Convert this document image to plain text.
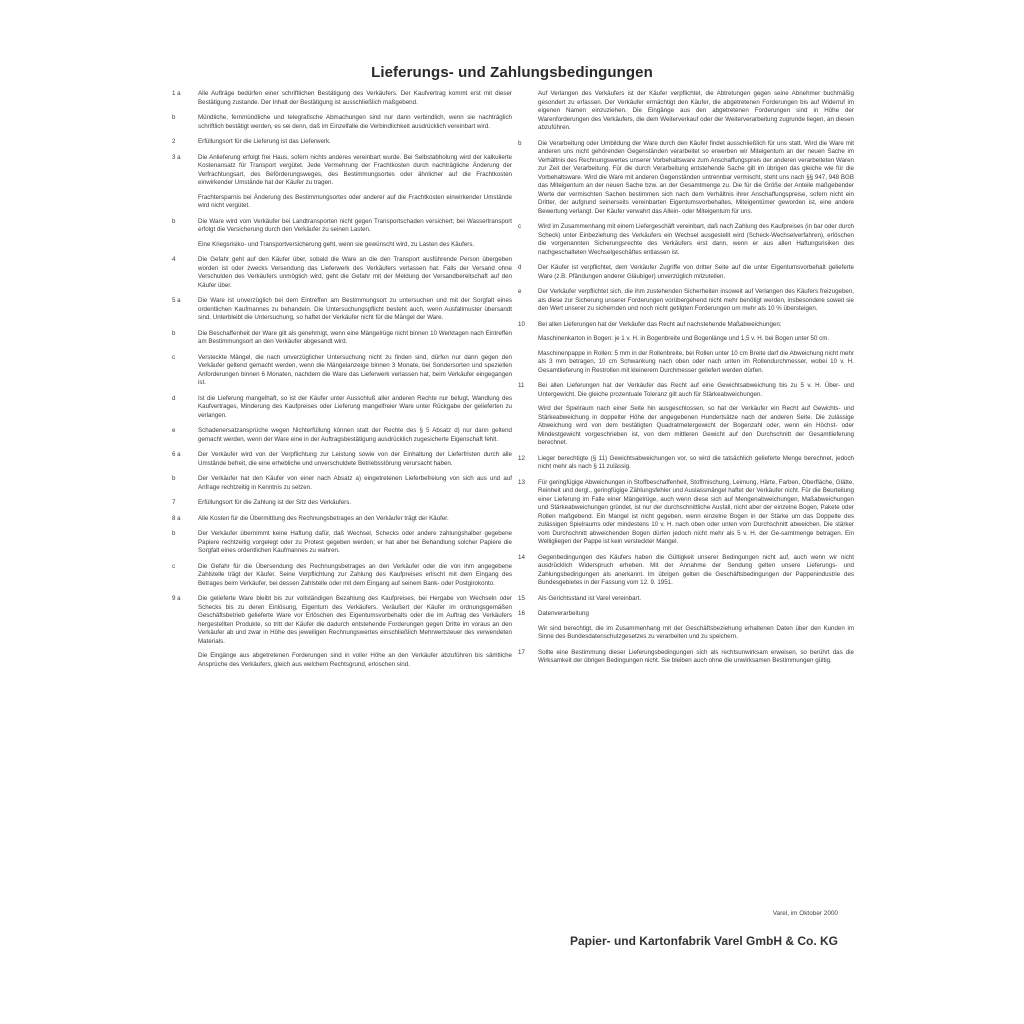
Lieferungs- und Zahlungsbedingungen
1 a	Alle Aufträge bedürfen einer schriftlichen Bestätigung des Verkäufers. Der Kaufvertrag kommt erst mit dieser Bestätigung zustande. Der Inhalt der Bestätigung ist ausschließlich maßgebend.
b	Mündliche, fernmündliche und telegrafische Abmachungen sind nur dann verbindlich, wenn sie nachträglich schriftlich bestätigt werden, es sei denn, daß im Einzelfalle die Verbindlichkeit ausdrücklich vereinbart wird.
2	Erfüllungsort für die Lieferung ist das Lieferwerk.
3 a	Die Anlieferung erfolgt frei Haus, sofern nichts anderes vereinbart wurde. Bei Selbstabholung wird der kalkulierte Kostenansatz für Transport vergütet. Jede Vermehrung der Frachtkosten durch nachträgliche Änderung der Verfrachtungsart, des Beförderungsweges, des Bestimmungsortes oder ähnlicher auf die Frachtkosten einwirkender Umstände hat der Käufer zu tragen.
Frachtersparnis bei Änderung des Bestimmungsortes oder anderer auf die Frachtkosten einwirkender Umstände wird nicht vergütet.
b	Die Ware wird vom Verkäufer bei Landtransporten nicht gegen Transportschaden versichert; bei Wassertransport erfolgt die Versicherung durch den Verkäufer zu seinen Lasten.
Eine Kriegsrisiko- und Transportversicherung geht, wenn sie gewünscht wird, zu Lasten des Käufers.
4	Die Gefahr geht auf den Käufer über, sobald die Ware an die den Transport ausführende Person übergeben worden ist oder zwecks Versendung das Lieferwerk des Verkäufers verlassen hat. Falls der Versand ohne Verschulden des Verkäufers unmöglich wird, geht die Gefahr mit der Meldung der Versandbereitschaft auf den Käufer über.
5 a	Die Ware ist unverzüglich bei dem Eintreffen am Bestimmungsort zu untersuchen und mit der Sorgfalt eines ordentlichen Kaufmannes zu behandeln. Die Untersuchungspflicht besteht auch, wenn Ausfallmuster übersandt sind. Unterbleibt die Untersuchung, so haftet der Verkäufer nicht für die Mängel der Ware.
b	Die Beschaffenheit der Ware gilt als genehmigt, wenn eine Mängelrüge nicht binnen 10 Werktagen nach Eintreffen am Bestimmungsort an den Verkäufer abgesandt wird.
c	Versteckte Mängel, die nach unverzüglicher Untersuchung nicht zu finden sind, dürfen nur dann gegen den Verkäufer geltend gemacht werden, wenn die Mängelanzeige binnen 3 Monate, bei Sondersorten und speziellen Anforderungen binnen 6 Monaten, nachdem die Ware das Lieferwerk verlassen hat, beim Verkäufer eingegangen ist.
d	Ist die Lieferung mangelhaft, so ist der Käufer unter Ausschluß aller anderen Rechte nur befugt, Wandlung des Kaufvertrages, Minderung des Kaufpreises oder Lieferung mangelfreier Ware unter Rückgabe der gelieferten zu verlangen.
e	Schadenersatzansprüche wegen Nichterfüllung können statt der Rechte des § 5 Absatz d) nur dann geltend gemacht werden, wenn der Ware eine in der Auftragsbestätigung ausdrücklich zugesicherte Eigenschaft fehlt.
6 a	Der Verkäufer wird von der Verpflichtung zur Leistung sowie von der Einhaltung der Lieferfristen durch alle Umstände befreit, die eine erhebliche und unverschuldete Betriebsstörung verursacht haben.
b	Der Verkäufer hat den Käufer von einer nach Absatz a) eingetretenen Lieferbefreiung von sich aus und auf Anfrage rechtzeitig in Kenntnis zu setzen.
7	Erfüllungsort für die Zahlung ist der Sitz des Verkäufers.
8 a	Alle Kosten für die Übermittlung des Rechnungsbetrages an den Verkäufer trägt der Käufer.
b	Der Verkäufer übernimmt keine Haftung dafür, daß Wechsel, Schecks oder andere zahlungshalber gegebene Papiere rechtzeitig vorgelegt oder zu Protest gegeben werden; er hat aber bei Behandlung solcher Papiere die Sorgfalt eines ordentlichen Kaufmannes zu wahren.
c	Die Gefahr für die Übersendung des Rechnungsbetrages an den Verkäufer oder die von ihm angegebene Zahlstelle trägt der Käufer. Seine Verpflichtung zur Zahlung des Kaufpreises erlischt mit dem Eingang des Betrages beim Verkäufer, bei dessen Zahlstelle oder mit dem Eingang auf seinem Bank- oder Postgirokonto.
9 a	Die gelieferte Ware bleibt bis zur vollständigen Bezahlung des Kaufpreises, bei Hergabe von Wechseln oder Schecks bis zu deren Einlösung, Eigentum des Verkäufers. Veräußert der Käufer im ordnungsgemäßen Geschäftsbetrieb gelieferte Ware vor Erlöschen des Eigentumsvorbehalts oder die im Auftrag des Verkäufers hergestellten Produkte, so tritt der Käufer die dadurch entstehende Forderungen gegen Dritte im voraus an den Verkäufer ab und zwar in Höhe des jeweiligen Rechnungswertes einschließlich Mehrwertsteuer des verwendeten Materials.
Die Eingänge aus abgetretenen Forderungen sind in voller Höhe an den Verkäufer abzuführen bis sämtliche Ansprüche des Verkäufers, gleich aus welchem Rechtsgrund, erloschen sind.
Auf Verlangen des Verkäufers ist der Käufer verpflichtet, die Abtretungen gegen seine Abnehmer buchmäßig gesondert zu erfassen. Der Verkäufer ermächtigt den Käufer, die abgetretenen Forderungen bis auf Widerruf im eigenen Namen einzuziehen. Die Eingänge aus den abgetretenen Forderungen sind in Höhe der Warenforderungen des Verkäufers, die dem Weiterverkauf oder der Weiterverarbeitung zugrunde liegen, an diesen abzuführen.
b	Die Verarbeitung oder Umbildung der Ware durch den Käufer findet ausschließlich für uns statt. Wird die Ware mit anderen uns nicht gehörenden Gegenständen verarbeitet so erwerben wir Miteigentum an der neuen Sache im Verhältnis des Rechnungswertes unserer Vorbehaltsware zum Anschaffungspreis der anderen verarbeiteten Waren zur Zeit der Verarbeitung. Für die durch Verarbeitung entstehende Sache gilt im übrigen das gleiche wie für die Vorbehaltsware. Wird die Ware mit anderen Gegenständen untrennbar vermischt, steht uns nach §§ 947, 948 BGB das Miteigentum an der neuen Sache bzw. an der Gesamtmenge zu. Die für die Größe der Anteile maßgebender Werte der vermischten Sachen bestimmen sich nach dem Verhältnis ihrer Anschaffungspreise, sofern nicht ein Dritter, der aufgrund seinerseits vereinbarten Eigentumsvorbehaltes, Miteigentümer geworden ist, eine andere Bewertung verlangt. Der Käufer verwahrt das Allein- oder Miteigentum für uns.
c	Wird im Zusammenhang mit einem Liefergeschäft vereinbart, daß nach Zahlung des Kaufpreises (in bar oder durch Scheck) unter Einbeziehung des Verkäufers ein Wechsel ausgestellt wird (Scheck-Wechselverfahren), erlöschen die vorgenannten Sicherungsrechte des Verkäufers erst dann, wenn er aus allen Haftungsrisiken des nachgeschalteten Wechselgeschäftes entlassen ist.
d	Der Käufer ist verpflichtet, dem Verkäufer Zugriffe von dritter Seite auf die unter Eigentumsvorbehalt gelieferte Ware (z.B. Pfändungen anderer Gläubiger) unverzüglich mitzuteilen.
e	Der Verkäufer verpflichtet sich, die ihm zustehenden Sicherheiten insoweit auf Verlangen des Käufers freizugeben, als diese zur Sicherung unserer Forderungen vorübergehend nicht mehr benötigt werden, insbesondere soweit sie den Wert unserer zu sichernden und noch nicht getilgten Forderungen um mehr als 10 % übersteigen.
10	Bei allen Lieferungen hat der Verkäufer das Recht auf nachstehende Maßabweichungen:
Maschinenkarton in Bogen: je 1 v. H. in Bogenbreite und Bogenlänge und 1,5 v. H. bei Bogen unter 50 cm.
Maschinenpappe in Rollen: 5 mm in der Rollenbreite, bei Rollen unter 10 cm Breite darf die Abweichung nicht mehr als 3 mm betragen, 10 cm Schwankung nach oben oder nach unten im Rollendurchmesser, wobei 10 v. H. Gesamtlieferung in Restrollen mit kleinerem Durchmesser geliefert werden dürfen.
11	Bei allen Lieferungen hat der Verkäufer das Recht auf eine Gewichtsabweichung bis zu 5 v. H. Über- und Untergewicht. Die gleiche prozentuale Toleranz gilt auch für Stärkeabweichungen.
Wird der Spielraum nach einer Seite hin ausgeschlossen, so hat der Verkäufer ein Recht auf Gewichts- und Stärkeabweichung in doppelter Höhe der angegebenen Hundertsätze nach der anderen Seite. Die zulässige Abweichung wird von dem bestätigten Quadratmetergewicht der Bogenzahl oder, wenn ein Höchst- oder Mindestgewicht vorgeschrieben ist, von dem mittleren Gewicht auf den Durchschnitt der Gesamtlieferung berechnet.
12	Lieger berechtigte (§ 11) Gewichtsabweichungen vor, so wird die tatsächlich gelieferte Menge berechnet, jedoch nicht mehr als nach § 11 zulässig.
13	Für geringfügige Abweichungen in Stoffbeschaffenheit, Stoffmischung, Leimung, Härte, Farben, Oberfläche, Glätte, Reinheit und dergl., geringfügige Zählungsfehler und Auslassmängel haftet der Verkäufer nicht. Für die Beurteilung einer Lieferung im Falle einer Mängelrüge, auch wenn diese sich auf Mengenabweichungen, Maßabweichungen und Stärkeabweichungen gründet, ist nur der durchschnittliche Ausfall, nicht aber der einzelne Bogen, Pakete oder Rollen maßgebend. Ein Mangel ist nicht gegeben, wenn einzelne Bogen in der Stärke um das Doppelte des zulässigen Spielraums oder mindestens 10 v. H. nach oben oder unten vom Durchschnitt abweichen. Die stärker vom Durchschnitt abweichenden Bogen dürfen jedoch nicht mehr als 5 v. H. der Ge-samtmenge betragen. Ein Welligliegen der Pappe ist kein versteckter Mangel.
14	Gegenbedingungen des Käufers haben die Gültigkeit unserer Bedingungen nicht auf, auch wenn wir nicht ausdrücklich Widerspruch erheben. Mit der Annahme der Sendung gelten unsere Lieferungs- und Zahlungsbedingungen als anerkannt. Im übrigen gelten die Geschäftsbedingungen der Pappenindustrie des Bundesgebietes in der Fassung vom 12. 9. 1951.
15	Als Gerichtsstand ist Varel vereinbart.
16	Datenverarbeitung
Wir sind berechtigt, die im Zusammenhang mit der Geschäftsbeziehung erhaltenen Daten über den Kunden im Sinne des Bundesdatenschutzgesetzes zu verarbeiten und zu speichern.
17	Sollte eine Bestimmung dieser Lieferungsbedingungen sich als rechtsunwirksam erweisen, so berührt das die Wirksamkeit der übrigen Bedingungen nicht. Sie bleiben auch ohne die unwirksamen Bestimmungen gültig.
Varel, im Oktober 2000
Papier- und Kartonfabrik Varel GmbH & Co. KG
